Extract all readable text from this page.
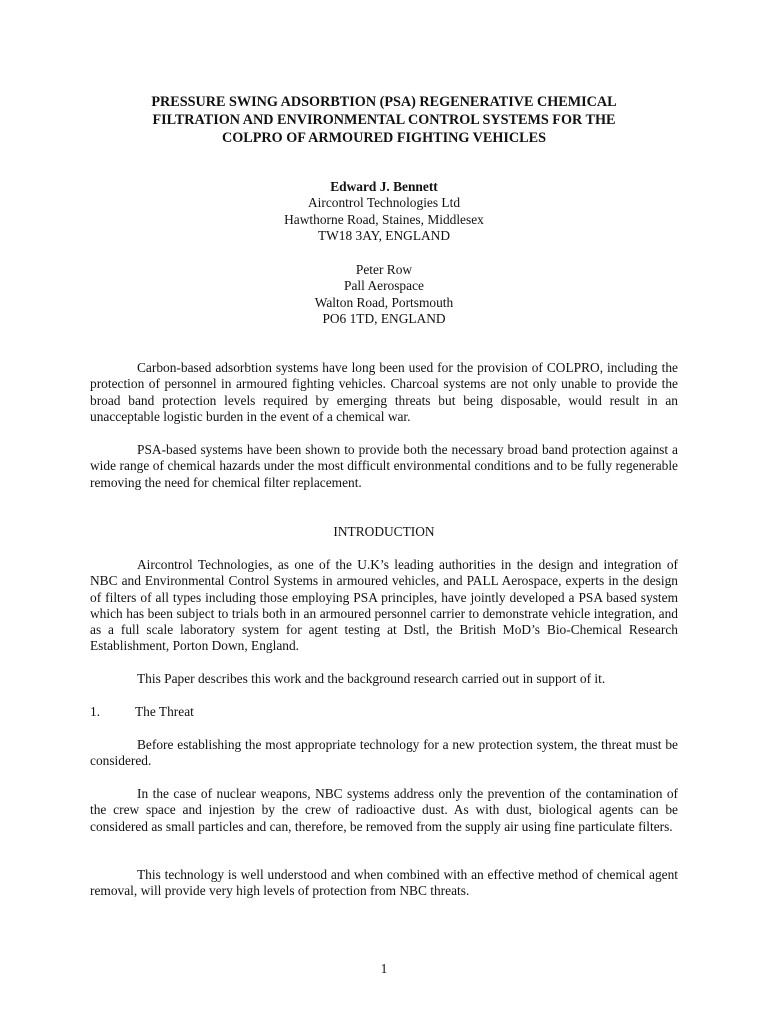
PRESSURE SWING ADSORBTION (PSA) REGENERATIVE CHEMICAL
FILTRATION AND ENVIRONMENTAL CONTROL SYSTEMS FOR THE
COLPRO OF ARMOURED FIGHTING VEHICLES
Edward J. Bennett
Aircontrol Technologies Ltd
Hawthorne Road, Staines, Middlesex
TW18 3AY, ENGLAND
Peter Row
Pall Aerospace
Walton Road, Portsmouth
PO6 1TD, ENGLAND

Carbon-based adsorbtion systems have long been used for the provision of COLPRO, including the protection of personnel in armoured fighting vehicles. Charcoal systems are not only unable to provide the broad band protection levels required by emerging threats but being disposable, would result in an unacceptable logistic burden in the event of a chemical war.

PSA-based systems have been shown to provide both the necessary broad band protection against a wide range of chemical hazards under the most difficult environmental conditions and to be fully regenerable removing the need for chemical filter replacement.

INTRODUCTION

Aircontrol Technologies, as one of the U.K’s leading authorities in the design and integration of NBC and Environmental Control Systems in armoured vehicles, and PALL Aerospace, experts in the design of filters of all types including those employing PSA principles, have jointly developed a PSA based system which has been subject to trials both in an armoured personnel carrier to demonstrate vehicle integration, and as a full scale laboratory system for agent testing at Dstl, the British MoD’s Bio-Chemical Research Establishment, Porton Down, England.

This Paper describes this work and the background research carried out in support of it.

1.	The Threat

Before establishing the most appropriate technology for a new protection system, the threat must be considered.

In the case of nuclear weapons, NBC systems address only the prevention of the contamination of the crew space and injestion by the crew of radioactive dust. As with dust, biological agents can be considered as small particles and can, therefore, be removed from the supply air using fine particulate filters.

This technology is well understood and when combined with an effective method of chemical agent removal, will provide very high levels of protection from NBC threats.

1
